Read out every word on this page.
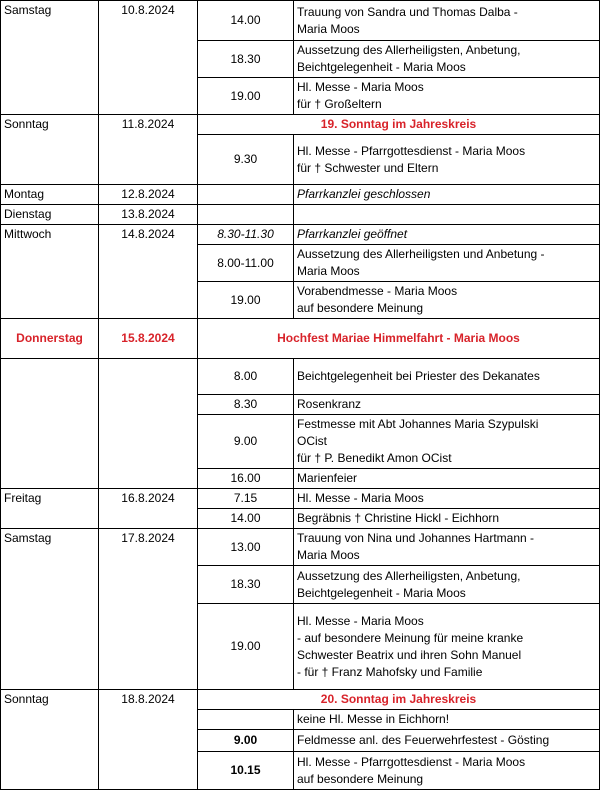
Samstag	10.8.2024	14.00	Trauung von Sandra und Thomas Dalba -
Maria Moos
		18.30	Aussetzung des Allerheiligsten, Anbetung,
Beichtgelegenheit - Maria Moos
		19.00	Hl. Messe - Maria Moos
für † Großeltern
Sonntag	11.8.2024	19. Sonntag im Jahreskreis	
		9.30	Hl. Messe - Pfarrgottesdienst - Maria Moos
für † Schwester und Eltern
Montag	12.8.2024		Pfarrkanzlei geschlossen
Dienstag	13.8.2024		
Mittwoch	14.8.2024	8.30-11.30	Pfarrkanzlei geöffnet
		8.00-11.00	Aussetzung des Allerheiligsten und Anbetung -
Maria Moos
		19.00	Vorabendmesse - Maria Moos
auf besondere Meinung
Donnerstag	15.8.2024	Hochfest Mariae Himmelfahrt - Maria Moos	
		8.00	Beichtgelegenheit bei Priester des Dekanates
		8.30	Rosenkranz
		9.00	Festmesse mit Abt Johannes Maria Szypulski
OCist
für † P. Benedikt Amon OCist
		16.00	Marienfeier
Freitag	16.8.2024	7.15	Hl. Messe - Maria Moos
		14.00	Begräbnis † Christine Hickl - Eichhorn
Samstag	17.8.2024	13.00	Trauung von Nina und Johannes Hartmann -
Maria Moos
		18.30	Aussetzung des Allerheiligsten, Anbetung,
Beichtgelegenheit - Maria Moos
		19.00	Hl. Messe - Maria Moos
- auf besondere Meinung für meine kranke
Schwester Beatrix und ihren Sohn Manuel
- für † Franz Mahofsky und Familie
Sonntag	18.8.2024	20. Sonntag im Jahreskreis	
			keine Hl. Messe in Eichhorn!
		9.00	Feldmesse anl. des Feuerwehrfestest - Gösting
		10.15	Hl. Messe - Pfarrgottesdienst - Maria Moos
auf besondere Meinung
